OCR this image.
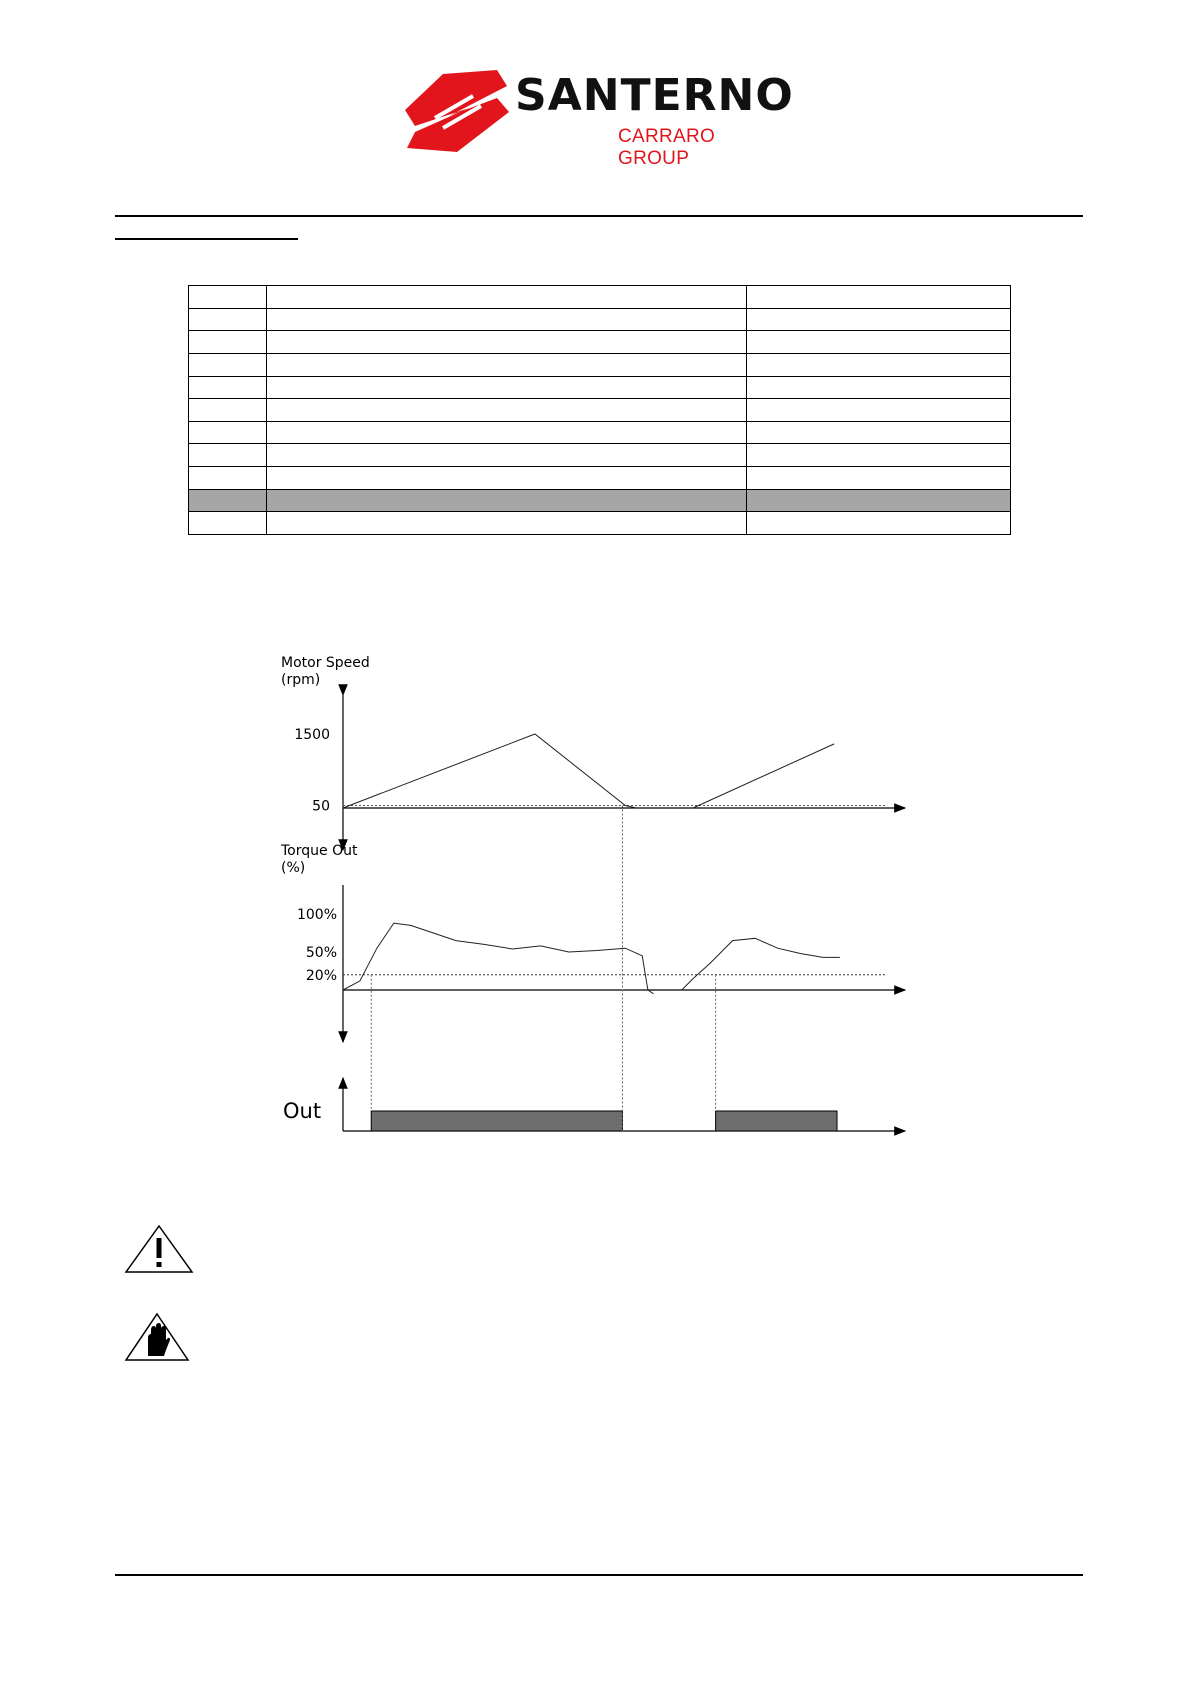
SANTERNO
CARRARO GROUP

Motor Speed
(rpm)
Torque Out
(%)
Out
1500
50
100%
50%
20%
